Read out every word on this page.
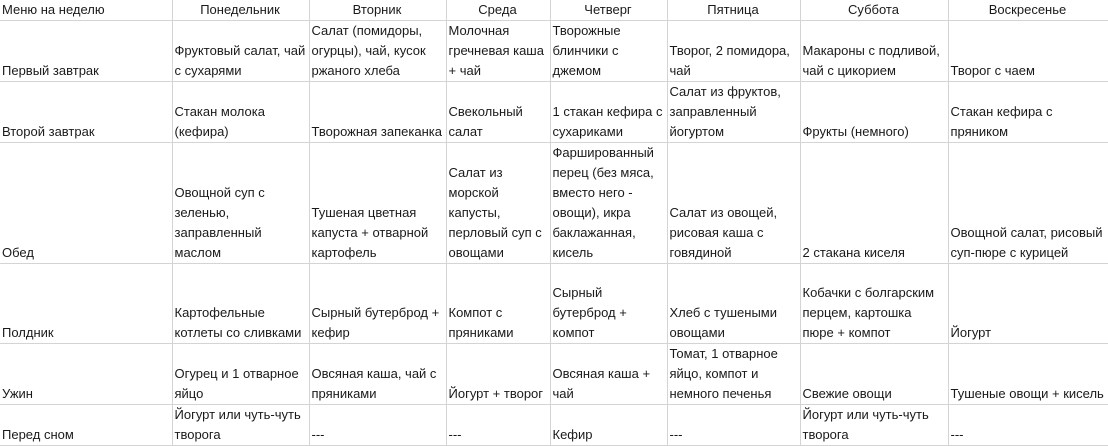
Меню на неделю	Понедельник	Вторник	Среда	Четверг	Пятница	Суббота	Воскресенье
Первый завтрак	Фруктовый салат, чай с сухарями	Салат (помидоры, огурцы), чай, кусок ржаного хлеба	Молочная гречневая каша + чай	Творожные блинчики с джемом	Творог, 2 помидора, чай	Макароны с подливой, чай с цикорием	Творог с чаем
Второй завтрак	Стакан молока (кефира)	Творожная запеканка	Свекольный салат	1 стакан кефира с сухариками	Салат из фруктов, заправленный йогуртом	Фрукты (немного)	Стакан кефира с пряником
Обед	Овощной суп с зеленью, заправленный маслом	Тушеная цветная капуста + отварной картофель	Салат из морской капусты, перловый суп с овощами	Фаршированный перец (без мяса, вместо него - овощи), икра баклажанная, кисель	Салат из овощей, рисовая каша с говядиной	2 стакана киселя	Овощной салат, рисовый суп-пюре с курицей
Полдник	Картофельные котлеты со сливками	Сырный бутерброд + кефир	Компот с пряниками	Сырный бутерброд + компот	Хлеб с тушеными овощами	Кобачки с болгарским перцем, картошка пюре + компот	Йогурт
Ужин	Огурец и 1 отварное яйцо	Овсяная каша, чай с пряниками	Йогурт + творог	Овсяная каша + чай	Томат, 1 отварное яйцо, компот и немного печенья	Свежие овощи	Тушеные овощи + кисель
Перед сном	Йогурт или чуть-чуть творога	---	---	Кефир	---	Йогурт или чуть-чуть творога	---
